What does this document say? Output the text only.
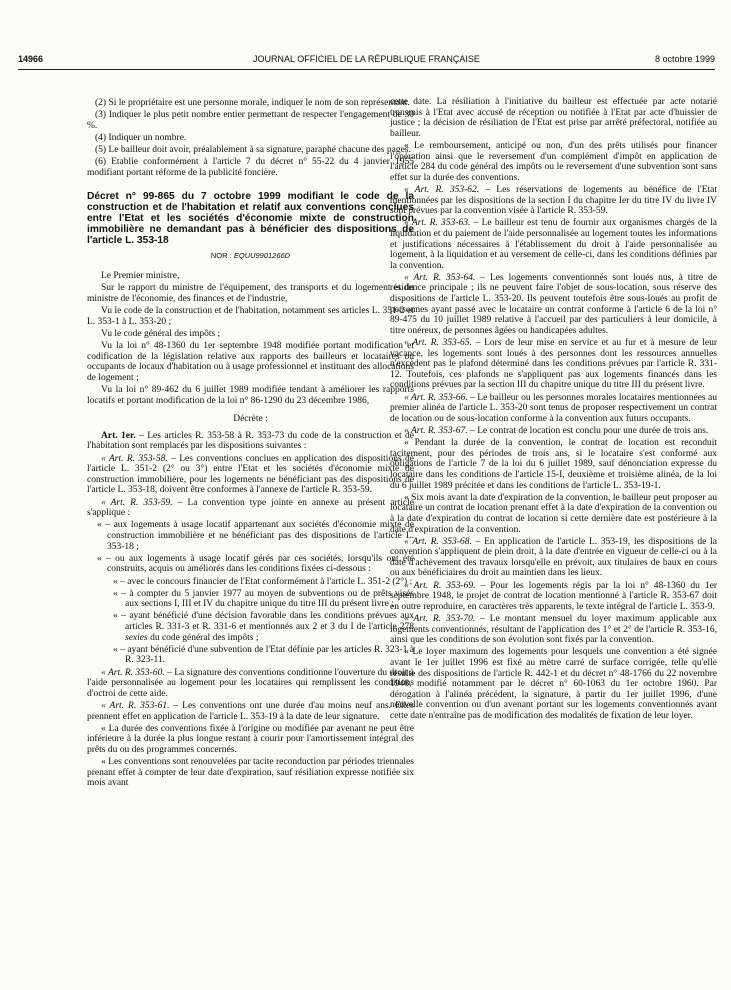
14966	JOURNAL OFFICIEL DE LA RÉPUBLIQUE FRANÇAISE	8 octobre 1999

(2) Si le propriétaire est une personne morale, indiquer le nom de son représentant.

(3) Indiquer le plus petit nombre entier permettant de respecter l'engagement de 30 %.

(4) Indiquer un nombre.

(5) Le bailleur doit avoir, préalablement à sa signature, paraphé chacune des pages.

(6) Etablie conformément à l'article 7 du décret n° 55-22 du 4 janvier 1955 modifiant portant réforme de la publicité foncière.

Décret n° 99-865 du 7 octobre 1999 modifiant le code de la construction et de l'habitation et relatif aux conventions conclues entre l'Etat et les sociétés d'économie mixte de construction immobilière ne demandant pas à bénéficier des dispositions de l'article L. 353-18
NOR : EQUU9901266D

Le Premier ministre,

Sur le rapport du ministre de l'équipement, des transports et du logement et du ministre de l'économie, des finances et de l'industrie,

Vu le code de la construction et de l'habitation, notamment ses articles L. 351-2 et L. 353-1 à L. 353-20 ;

Vu le code général des impôts ;

Vu la loi n° 48-1360 du 1er septembre 1948 modifiée portant modification et codification de la législation relative aux rapports des bailleurs et locataires ou occupants de locaux d'habitation ou à usage professionnel et instituant des allocations de logement ;

Vu la loi n° 89-462 du 6 juillet 1989 modifiée tendant à améliorer les rapports locatifs et portant modification de la loi n° 86-1290 du 23 décembre 1986,

Décrète :

Art. 1er. – Les articles R. 353-58 à R. 353-73 du code de la construction et de l'habitation sont remplacés par les dispositions suivantes :

« Art. R. 353-58. – Les conventions conclues en application des dispositions de l'article L. 351-2 (2° ou 3°) entre l'Etat et les sociétés d'économie mixte de construction immobilière, pour les logements ne bénéficiant pas des dispositions de l'article L. 353-18, doivent être conformes à l'annexe de l'article R. 353-59.

« Art. R. 353-59. – La convention type jointe en annexe au présent article s'applique :

« – aux logements à usage locatif appartenant aux sociétés d'économie mixte de construction immobilière et ne bénéficiant pas des dispositions de l'article L. 353-18 ;

« – ou aux logements à usage locatif gérés par ces sociétés, lorsqu'ils ont été construits, acquis ou améliorés dans les conditions fixées ci-dessous :

« – avec le concours financier de l'Etat conformément à l'article L. 351-2 (2°) ;

« – à compter du 5 janvier 1977 au moyen de subventions ou de prêts visés aux sections I, III et IV du chapitre unique du titre III du présent livre ;

« – ayant bénéficié d'une décision favorable dans les conditions prévues aux articles R. 331-3 et R. 331-6 et mentionnés aux 2 et 3 du I de l'article 278 sexies du code général des impôts ;

« – ayant bénéficié d'une subvention de l'Etat définie par les articles R. 323-1 à R. 323-11.

« Art. R. 353-60. – La signature des conventions conditionne l'ouverture du droit à l'aide personnalisée au logement pour les locataires qui remplissent les conditions d'octroi de cette aide.

« Art. R. 353-61. – Les conventions ont une durée d'au moins neuf ans. Elles prennent effet en application de l'article L. 353-19 à la date de leur signature.

« La durée des conventions fixée à l'origine ou modifiée par avenant ne peut être inférieure à la durée la plus longue restant à courir pour l'amortissement intégral des prêts du ou des programmes concernés.

« Les conventions sont renouvelées par tacite reconduction par périodes triennales prenant effet à compter de leur date d'expiration, sauf résiliation expresse notifiée six mois avant

cette date. La résiliation à l'initiative du bailleur est effectuée par acte notarié transmis à l'Etat avec accusé de réception ou notifiée à l'Etat par acte d'huissier de justice ; la décision de résiliation de l'Etat est prise par arrêté préfectoral, notifiée au bailleur.

« Le remboursement, anticipé ou non, d'un des prêts utilisés pour financer l'opération ainsi que le reversement d'un complément d'impôt en application de l'article 284 du code général des impôts ou le reversement d'une subvention sont sans effet sur la durée des conventions.

« Art. R. 353-62. – Les réservations de logements au bénéfice de l'Etat mentionnées par les dispositions de la section I du chapitre Ier du titre IV du livre IV sont prévues par la convention visée à l'article R. 353-59.

« Art. R. 353-63. – Le bailleur est tenu de fournir aux organismes chargés de la liquidation et du paiement de l'aide personnalisée au logement toutes les informations et justifications nécessaires à l'établissement du droit à l'aide personnalisée au logement, à la liquidation et au versement de celle-ci, dans les conditions définies par la convention.

« Art. R. 353-64. – Les logements conventionnés sont loués nus, à titre de résidence principale ; ils ne peuvent faire l'objet de sous-location, sous réserve des dispositions de l'article L. 353-20. Ils peuvent toutefois être sous-loués au profit de personnes ayant passé avec le locataire un contrat conforme à l'article 6 de la loi n° 89-475 du 10 juillet 1989 relative à l'accueil par des particuliers à leur domicile, à titre onéreux, de personnes âgées ou handicapées adultes.

« Art. R. 353-65. – Lors de leur mise en service et au fur et à mesure de leur vacance, les logements sont loués à des personnes dont les ressources annuelles n'excèdent pas le plafond déterminé dans les conditions prévues par l'article R. 331-12. Toutefois, ces plafonds ne s'appliquent pas aux logements financés dans les conditions prévues par la section III du chapitre unique du titre III du présent livre.

« Art. R. 353-66. – Le bailleur ou les personnes morales locataires mentionnées au premier alinéa de l'article L. 353-20 sont tenus de proposer respectivement un contrat de location ou de sous-location conforme à la convention aux futurs occupants.

« Art. R. 353-67. – Le contrat de location est conclu pour une durée de trois ans.

« Pendant la durée de la convention, le contrat de location est reconduit tacitement, pour des périodes de trois ans, si le locataire s'est conformé aux obligations de l'article 7 de la loi du 6 juillet 1989, sauf dénonciation expresse du locataire dans les conditions de l'article 15-I, deuxième et troisième alinéa, de la loi du 6 juillet 1989 précitée et dans les conditions de l'article L. 353-19-1.

« Six mois avant la date d'expiration de la convention, le bailleur peut proposer au locataire un contrat de location prenant effet à la date d'expiration de la convention ou à la date d'expiration du contrat de location si cette dernière date est postérieure à la date d'expiration de la convention.

« Art. R. 353-68. – En application de l'article L. 353-19, les dispositions de la convention s'appliquent de plein droit, à la date d'entrée en vigueur de celle-ci ou à la date d'achèvement des travaux lorsqu'elle en prévoit, aux titulaires de baux en cours ou aux bénéficiaires du droit au maintien dans les lieux.

« Art. R. 353-69. – Pour les logements régis par la loi n° 48-1360 du 1er septembre 1948, le projet de contrat de location mentionné à l'article R. 353-67 doit en outre reproduire, en caractères très apparents, le texte intégral de l'article L. 353-9.

« Art. R. 353-70. – Le montant mensuel du loyer maximum applicable aux logements conventionnés, résultant de l'application des 1° et 2° de l'article R. 353-16, ainsi que les conditions de son évolution sont fixés par la convention.

« Le loyer maximum des logements pour lesquels une convention a été signée avant le 1er juillet 1996 est fixé au mètre carré de surface corrigée, telle qu'elle résulte des dispositions de l'article R. 442-1 et du décret n° 48-1766 du 22 novembre 1948, modifié notamment par le décret n° 60-1063 du 1er octobre 1960. Par dérogation à l'alinéa précédent, la signature, à partir du 1er juillet 1996, d'une nouvelle convention ou d'un avenant portant sur les logements conventionnés avant cette date n'entraîne pas de modification des modalités de fixation de leur loyer.
